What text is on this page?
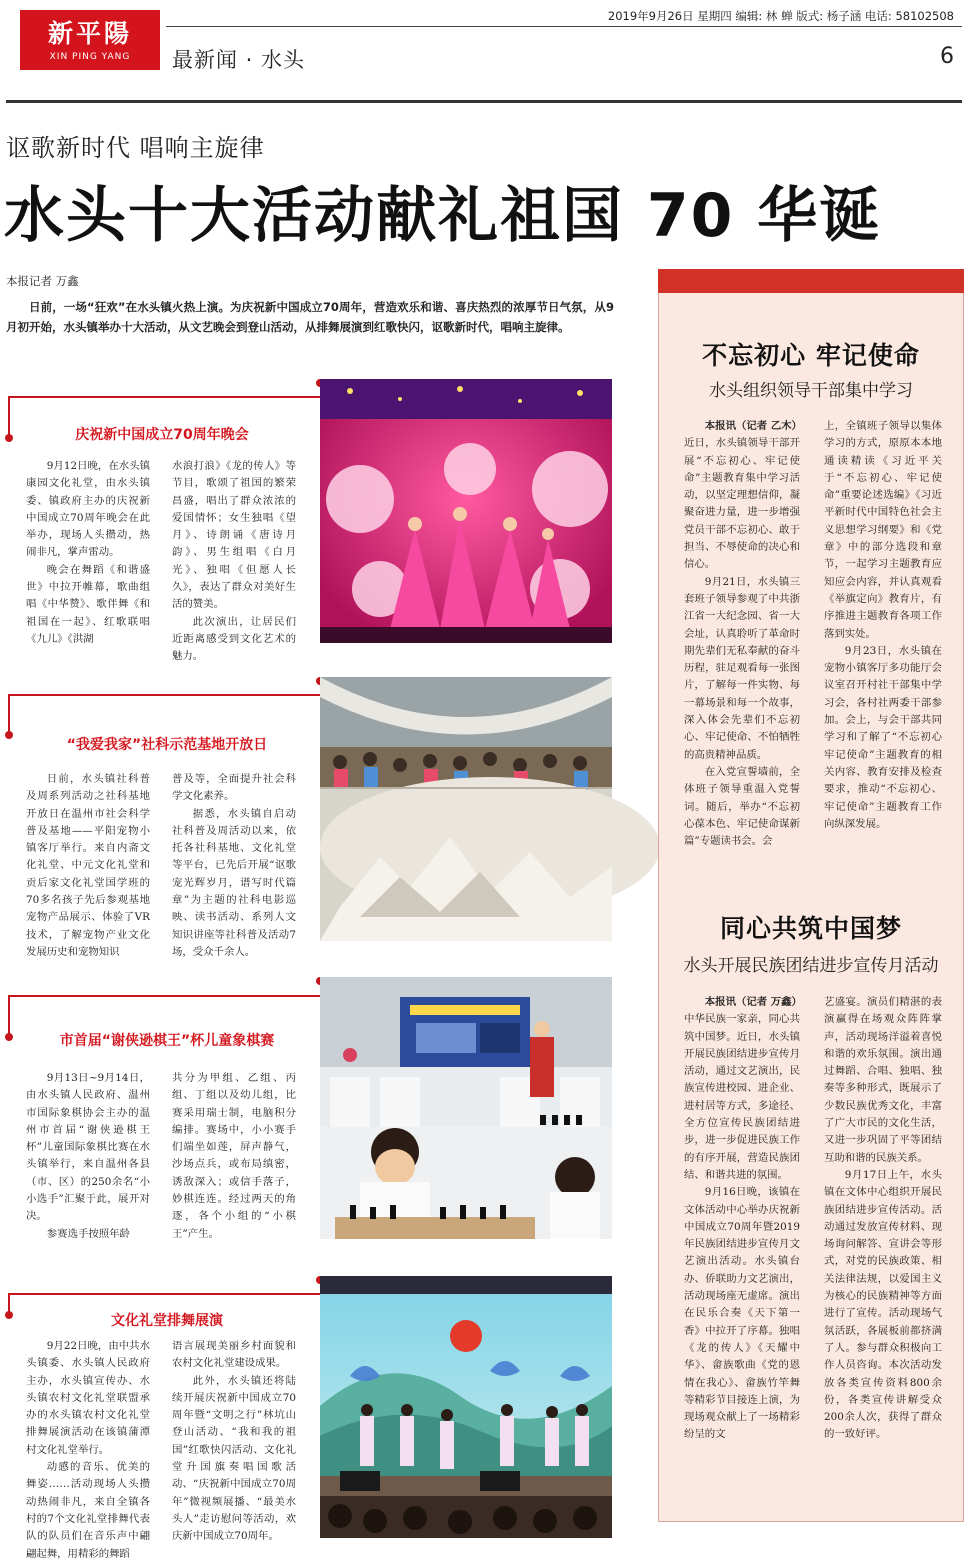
新平陽
XIN PING YANG
2019年9月26日 星期四 编辑: 林 蝉 版式: 杨子涵 电话: 58102508
最新闻 · 水头	6
讴歌新时代 唱响主旋律
水头十大活动献礼祖国 70 华诞
本报记者 万鑫
日前，一场“狂欢”在水头镇火热上演。为庆祝新中国成立70周年，营造欢乐和谐、喜庆热烈的浓厚节日气氛，从9月初开始，水头镇举办十大活动，从文艺晚会到登山活动，从排舞展演到红歌快闪，讴歌新时代，唱响主旋律。
庆祝新中国成立70周年晚会

9月12日晚，在水头镇康园文化礼堂，由水头镇委、镇政府主办的庆祝新中国成立70周年晚会在此举办，现场人头攒动，热闹非凡，掌声雷动。

晚会在舞蹈《和谐盛世》中拉开帷幕，歌曲组唱《中华赞》、歌伴舞《和祖国在一起》、红歌联唱《九儿》《洪湖

水浪打浪》《龙的传人》等节目，歌颂了祖国的繁荣昌盛，唱出了群众浓浓的爱国情怀；女生独唱《望月》、诗朗诵《唐诗月韵》、男生组唱《白月光》、独唱《但愿人长久》，表达了群众对美好生活的赞美。

此次演出，让居民们近距离感受到文化艺术的魅力。

“我爱我家”社科示范基地开放日

日前，水头镇社科普及周系列活动之社科基地开放日在温州市社会科学普及基地——平阳宠物小镇客厅举行。来自内斋文化礼堂、中元文化礼堂和贡后家文化礼堂国学班的70多名孩子先后参观基地宠物产品展示、体验了VR技术，了解宠物产业文化发展历史和宠物知识

普及等，全面提升社会科学文化素养。

据悉，水头镇自启动社科普及周活动以来，依托各社科基地、文化礼堂等平台，已先后开展“讴歌宠光辉岁月，谱写时代篇章”为主题的社科电影巡映、读书活动、系列人文知识讲座等社科普及活动7场，受众千余人。

市首届“谢侠逊棋王”杯儿童象棋赛

9月13日~9月14日，由水头镇人民政府、温州市国际象棋协会主办的温州市首届“谢侠逊棋王杯”儿童国际象棋比赛在水头镇举行，来自温州各县（市、区）的250余名“小小选手”汇聚于此，展开对决。

参赛选手按照年龄

共分为甲组、乙组、丙组、丁组以及幼儿组，比赛采用瑞士制，电脑积分编排。赛场中，小小赛手们端坐如莲，屏声静气，沙场点兵，或布局缜密，诱敌深入；或信手落子，妙棋连连。经过两天的角逐，各个小组的“小棋王”产生。

文化礼堂排舞展演

9月22日晚，由中共水头镇委、水头镇人民政府主办，水头镇宣传办、水头镇农村文化礼堂联盟承办的水头镇农村文化礼堂排舞展演活动在该镇蒲潭村文化礼堂举行。

动感的音乐、优美的舞姿……活动现场人头攒动热闹非凡，来自全镇各村的7个文化礼堂排舞代表队的队员们在音乐声中翩翩起舞，用精彩的舞蹈

语言展现美丽乡村面貌和农村文化礼堂建设成果。

此外，水头镇还将陆续开展庆祝新中国成立70周年暨“文明之行”林坑山登山活动、“我和我的祖国”红歌快闪活动、文化礼堂升国旗奏唱国歌活动、“庆祝新中国成立70周年”微视频展播、“最美水头人”走访慰问等活动，欢庆新中国成立70周年。

不忘初心 牢记使命
水头组织领导干部集中学习

本报讯（记者 乙木）近日，水头镇领导干部开展“不忘初心、牢记使命”主题教育集中学习活动，以坚定理想信仰，凝聚奋进力量，进一步增强党员干部不忘初心、敢于担当、不辱使命的决心和信心。

9月21日，水头镇三套班子领导参观了中共浙江省一大纪念园、省一大会址，认真聆听了革命时期先辈们无私奉献的奋斗历程，驻足观看每一张图片，了解每一件实物、每一幕场景和每一个故事，深入体会先辈们不忘初心、牢记使命、不怕牺牲的高贵精神品质。

在入党宣誓墙前，全体班子领导重温入党誓词。随后，举办“不忘初心葆本色、牢记使命谋新篇”专题读书会。会

上，全镇班子领导以集体学习的方式，原原本本地通读精读《习近平关于“不忘初心、牢记使命”重要论述选编》《习近平新时代中国特色社会主义思想学习纲要》和《党章》中的部分选段和章节，一起学习主题教育应知应会内容，并认真观看《举旗定向》教育片，有序推进主题教育各项工作落到实处。

9月23日，水头镇在宠物小镇客厅多功能厅会议室召开村社干部集中学习会，各村社两委干部参加。会上，与会干部共同学习和了解了“不忘初心 牢记使命”主题教育的相关内容、教育安排及检查要求，推动“不忘初心、牢记使命”主题教育工作向纵深发展。

同心共筑中国梦
水头开展民族团结进步宣传月活动

本报讯（记者 万鑫）中华民族一家亲，同心共筑中国梦。近日，水头镇开展民族团结进步宣传月活动，通过文艺演出，民族宣传进校园、进企业、进村居等方式，多途径、全方位宣传民族团结进步，进一步促进民族工作的有序开展，营造民族团结、和谐共进的氛围。

9月16日晚，该镇在文体活动中心举办庆祝新中国成立70周年暨2019年民族团结进步宣传月文艺演出活动。水头镇台办、侨联助力文艺演出，活动现场座无虚席。演出在民乐合奏《天下第一香》中拉开了序幕。独唱《龙的传人》《天耀中华》、畲族歌曲《党的恩情在我心》、畲族竹竿舞等精彩节目接连上演，为现场观众献上了一场精彩纷呈的文

艺盛宴。演员们精湛的表演赢得在场观众阵阵掌声，活动现场洋溢着喜悦和谐的欢乐氛围。演出通过舞蹈、合唱、独唱、独奏等多种形式，既展示了少数民族优秀文化，丰富了广大市民的文化生活，又进一步巩固了平等团结互助和谐的民族关系。

9月17日上午，水头镇在文体中心组织开展民族团结进步宣传活动。活动通过发放宣传材料、现场询问解答、宣讲会等形式，对党的民族政策、相关法律法规，以爱国主义为核心的民族精神等方面进行了宣传。活动现场气氛活跃，各展板前都挤满了人。参与群众积极向工作人员咨询。本次活动发放各类宣传资料800余份，各类宣传讲解受众200余人次，获得了群众的一致好评。
